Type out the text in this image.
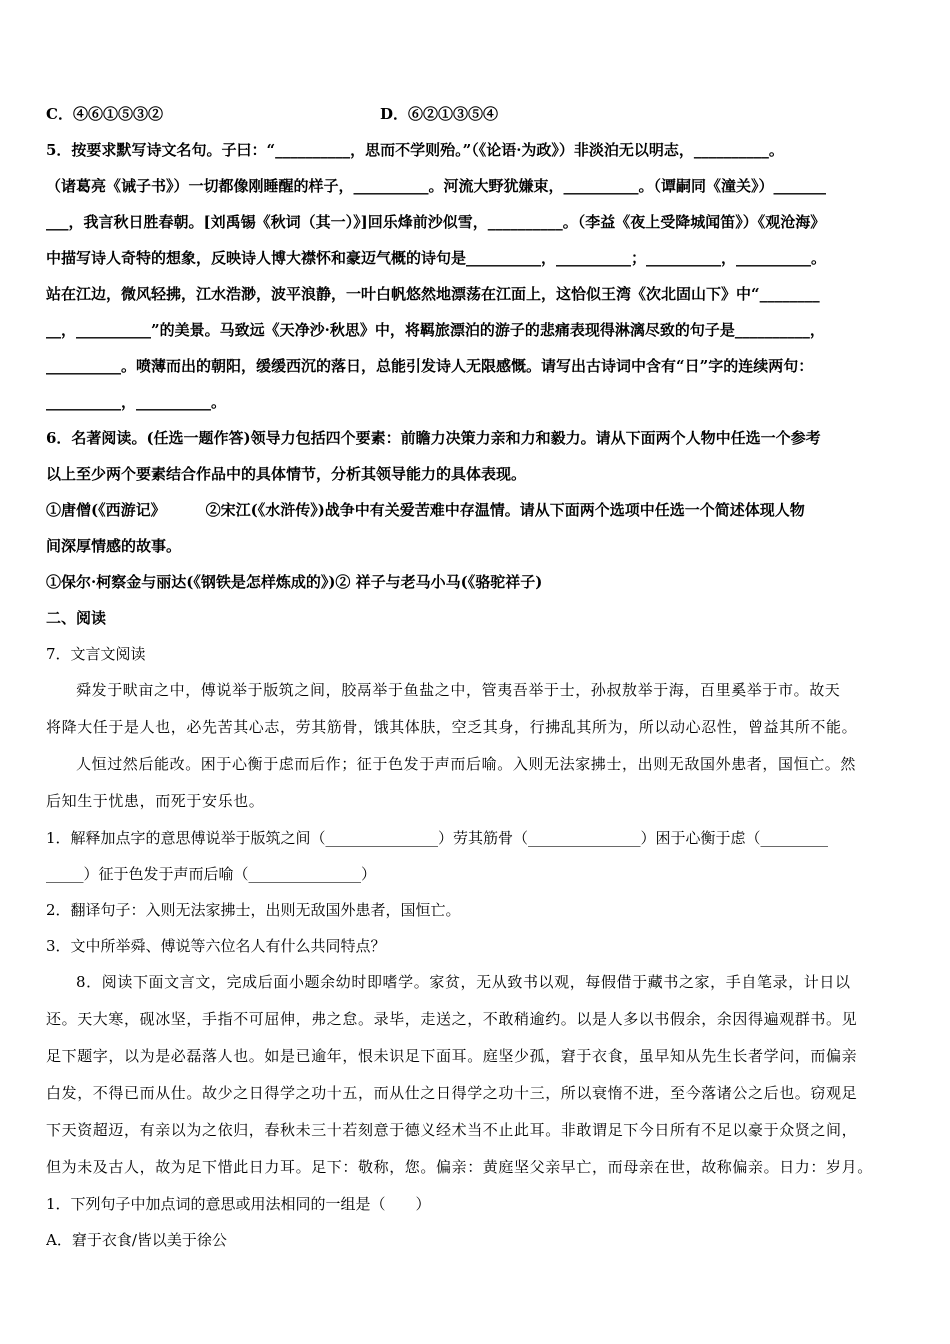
C．④⑥①⑤③②	D．⑥②①③⑤④
5．按要求默写诗文名句。子曰：“__________，思而不学则殆。”（《论语·为政》）非淡泊无以明志，__________。
（诸葛亮《诫子书》）一切都像刚睡醒的样子，__________。河流大野犹嫌束，__________。（谭嗣同《潼关》）_______
___，我言秋日胜春朝。[刘禹锡《秋词（其一）》]回乐烽前沙似雪，__________。（李益《夜上受降城闻笛》）《观沧海》
中描写诗人奇特的想象，反映诗人博大襟怀和豪迈气概的诗句是__________，__________；__________，__________。
站在江边，微风轻拂，江水浩渺，波平浪静，一叶白帆悠然地漂荡在江面上，这恰似王湾《次北固山下》中“________
__，__________”的美景。马致远《天净沙·秋思》中，将羁旅漂泊的游子的悲痛表现得淋漓尽致的句子是__________，
__________。喷薄而出的朝阳，缓缓西沉的落日，总能引发诗人无限感慨。请写出古诗词中含有“日”字的连续两句：
__________，__________。
6．名著阅读。(任选一题作答)领导力包括四个要素：前瞻力决策力亲和力和毅力。请从下面两个人物中任选一个参考
以上至少两个要素结合作品中的具体情节，分析其领导能力的具体表现。
①唐僧(《西游记》	②宋江(《水浒传》)战争中有关爱苦难中存温情。请从下面两个选项中任选一个简述体现人物
间深厚情感的故事。
①保尔·柯察金与丽达(《钢铁是怎样炼成的》)② 祥子与老马小马(《骆驼祥子)
二、阅读
7．文言文阅读
舜发于畎亩之中，傅说举于版筑之间，胶鬲举于鱼盐之中，管夷吾举于士，孙叔敖举于海，百里奚举于市。故天
将降大任于是人也，必先苦其心志，劳其筋骨，饿其体肤，空乏其身，行拂乱其所为，所以动心忍性，曾益其所不能。
人恒过然后能改。困于心衡于虑而后作；征于色发于声而后喻。入则无法家拂士，出则无敌国外患者，国恒亡。然
后知生于忧患，而死于安乐也。
1．解释加点字的意思傅说举于版筑之间（_______________）劳其筋骨（_______________）困于心衡于虑（_________
_____）征于色发于声而后喻（_______________）
2．翻译句子：入则无法家拂士，出则无敌国外患者，国恒亡。
3．文中所举舜、傅说等六位名人有什么共同特点？
8．阅读下面文言文，完成后面小题余幼时即嗜学。家贫，无从致书以观，每假借于藏书之家，手自笔录，计日以
还。天大寒，砚冰坚，手指不可屈伸，弗之怠。录毕，走送之，不敢稍逾约。以是人多以书假余，余因得遍观群书。见
足下题字，以为是必磊落人也。如是已逾年，恨未识足下面耳。庭坚少孤，窘于衣食，虽早知从先生长者学问，而偏亲
白发，不得已而从仕。故少之日得学之功十五，而从仕之日得学之功十三，所以衰惰不进，至今落诸公之后也。窃观足
下天资超迈，有亲以为之依归，春秋未三十若刻意于德义经术当不止此耳。非敢谓足下今日所有不足以豪于众贤之间，
但为未及古人，故为足下惜此日力耳。足下：敬称，您。偏亲：黄庭坚父亲早亡，而母亲在世，故称偏亲。日力：岁月。
1．下列句子中加点词的意思或用法相同的一组是（　　）
A．窘于衣食/皆以美于徐公
